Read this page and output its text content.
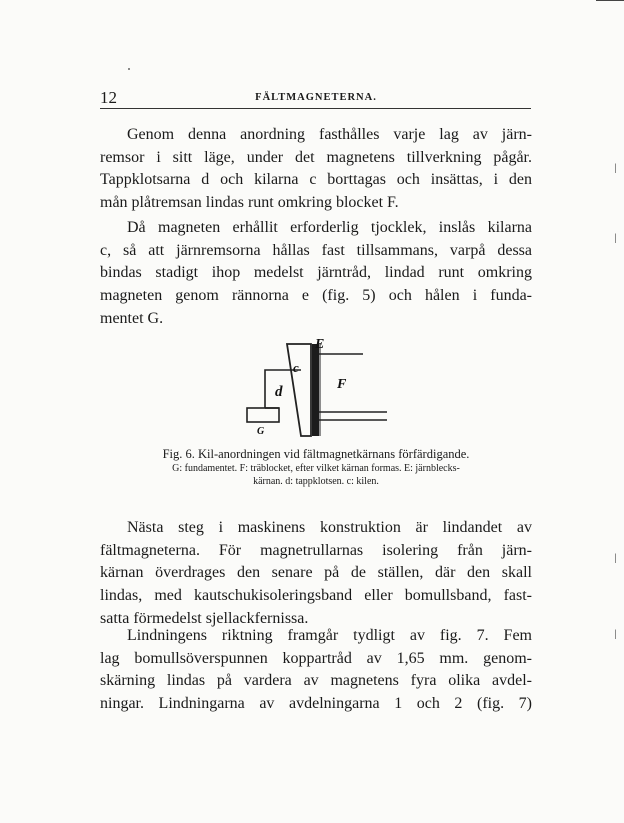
12	FÄLTMAGNETERNA.

Genom denna anordning fasthålles varje lag av järn-
remsor i sitt läge, under det magnetens tillverkning pågår.
Tappklotsarna d och kilarna c borttagas och insättas, i den
mån plåtremsan lindas runt omkring blocket F.

Då magneten erhållit erforderlig tjocklek, inslås kilarna
c, så att järnremsorna hållas fast tillsammans, varpå dessa
bindas stadigt ihop medelst järntråd, lindad runt omkring
magneten genom rännorna e (fig. 5) och hålen i funda-
mentet G.

E
c
d	F
G
Fig. 6. Kil-anordningen vid fältmagnetkärnans förfärdigande.
G: fundamentet. F: träblocket, efter vilket kärnan formas. E: järnblecks-
kärnan. d: tappklotsen. c: kilen.

Nästa steg i maskinens konstruktion är lindandet av
fältmagneterna. För magnetrullarnas isolering från järn-
kärnan överdrages den senare på de ställen, där den skall
lindas, med kautschukisoleringsband eller bomullsband, fast-
satta förmedelst sjellackfernissa.

Lindningens riktning framgår tydligt av fig. 7. Fem
lag bomullsöverspunnen koppartråd av 1,65 mm. genom-
skärning lindas på vardera av magnetens fyra olika avdel-
ningar. Lindningarna av avdelningarna 1 och 2 (fig. 7)

ǀ
ǀ
ǀ
ǀ
